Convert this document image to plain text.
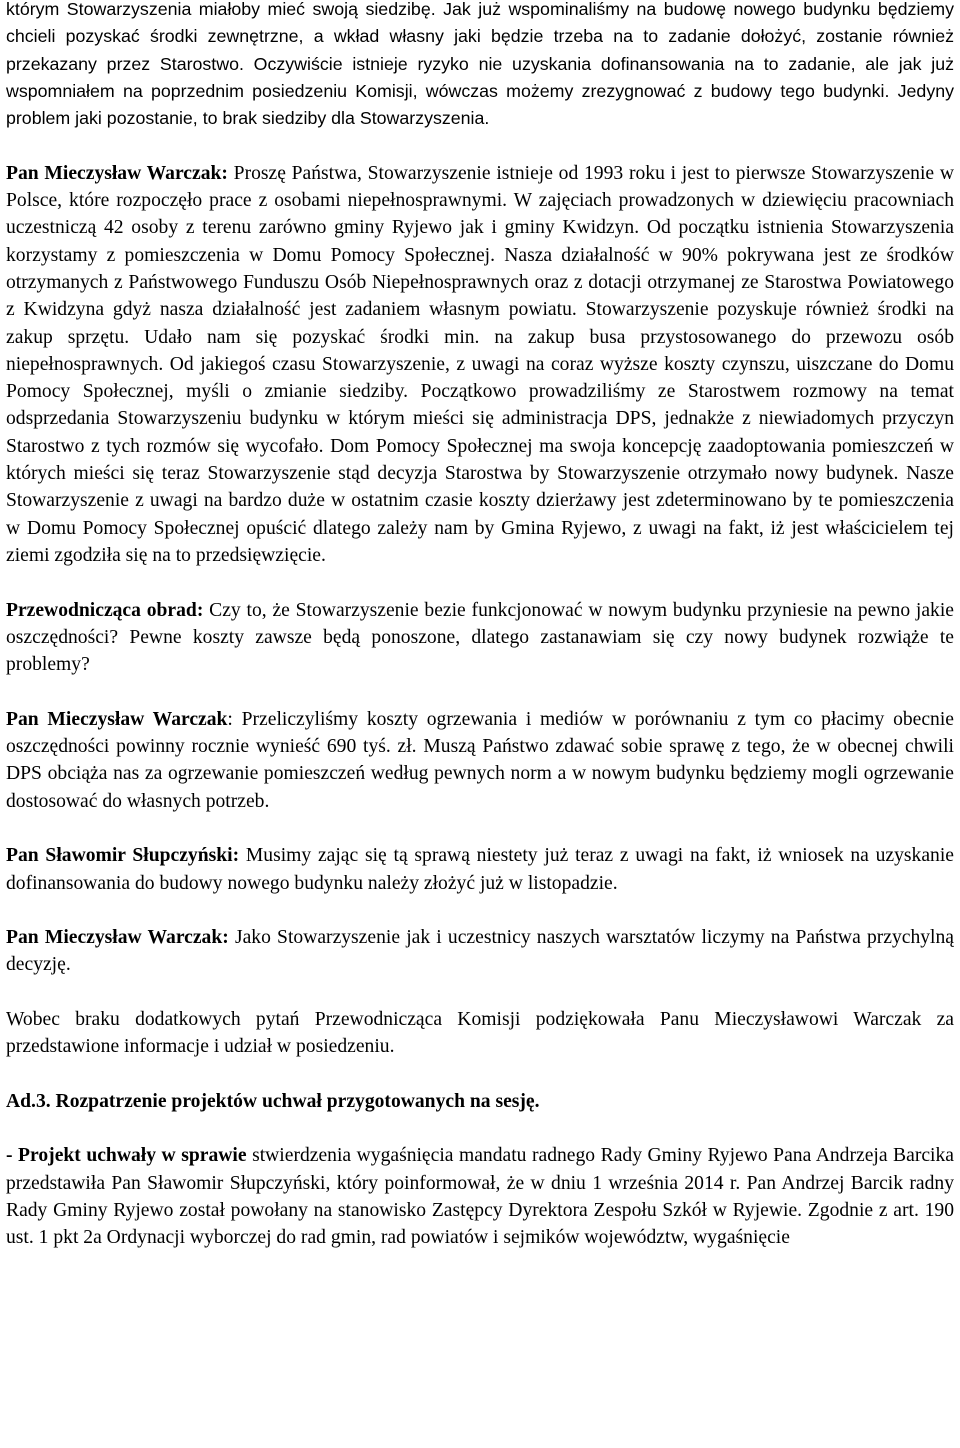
którym Stowarzyszenia miałoby mieć swoją siedzibę. Jak już wspominaliśmy na budowę nowego budynku będziemy chcieli pozyskać środki zewnętrzne, a wkład własny jaki będzie trzeba na to zadanie dołożyć, zostanie również przekazany przez Starostwo. Oczywiście istnieje ryzyko nie uzyskania dofinansowania na to zadanie, ale jak już wspomniałem na poprzednim posiedzeniu Komisji, wówczas możemy zrezygnować z budowy tego budynki. Jedyny problem jaki pozostanie, to brak siedziby dla Stowarzyszenia.

Pan Mieczysław Warczak: Proszę Państwa, Stowarzyszenie istnieje od 1993 roku i jest to pierwsze Stowarzyszenie w Polsce, które rozpoczęło prace z osobami niepełnosprawnymi. W zajęciach prowadzonych w dziewięciu pracowniach uczestniczą 42 osoby z terenu zarówno gminy Ryjewo jak i gminy Kwidzyn. Od początku istnienia Stowarzyszenia korzystamy z pomieszczenia w Domu Pomocy Społecznej. Nasza działalność w 90% pokrywana jest ze środków otrzymanych z Państwowego Funduszu Osób Niepełnosprawnych oraz z dotacji otrzymanej ze Starostwa Powiatowego z Kwidzyna gdyż nasza działalność jest zadaniem własnym powiatu. Stowarzyszenie pozyskuje również środki na zakup sprzętu. Udało nam się pozyskać środki min. na zakup busa przystosowanego do przewozu osób niepełnosprawnych. Od jakiegoś czasu Stowarzyszenie, z uwagi na coraz wyższe koszty czynszu, uiszczane do Domu Pomocy Społecznej, myśli o zmianie siedziby. Początkowo prowadziliśmy ze Starostwem rozmowy na temat odsprzedania Stowarzyszeniu budynku w którym mieści się administracja DPS, jednakże z niewiadomych przyczyn Starostwo z tych rozmów się wycofało. Dom Pomocy Społecznej ma swoja koncepcję zaadoptowania pomieszczeń w których mieści się teraz Stowarzyszenie stąd decyzja Starostwa by Stowarzyszenie otrzymało nowy budynek. Nasze Stowarzyszenie z uwagi na bardzo duże w ostatnim czasie koszty dzierżawy jest zdeterminowano by te pomieszczenia w Domu Pomocy Społecznej opuścić dlatego zależy nam by Gmina Ryjewo, z uwagi na fakt, iż jest właścicielem tej ziemi zgodziła się na to przedsięwzięcie.

Przewodnicząca obrad: Czy to, że Stowarzyszenie bezie funkcjonować w nowym budynku przyniesie na pewno jakie oszczędności? Pewne koszty zawsze będą ponoszone, dlatego zastanawiam się czy nowy budynek rozwiąże te problemy?

Pan Mieczysław Warczak: Przeliczyliśmy koszty ogrzewania i mediów w porównaniu z tym co płacimy obecnie oszczędności powinny rocznie wynieść 690 tyś. zł. Muszą Państwo zdawać sobie sprawę z tego, że w obecnej chwili DPS obciąża nas za ogrzewanie pomieszczeń według pewnych norm a w nowym budynku będziemy mogli ogrzewanie dostosować do własnych potrzeb.

Pan Sławomir Słupczyński: Musimy zając się tą sprawą niestety już teraz z uwagi na fakt, iż wniosek na uzyskanie dofinansowania do budowy nowego budynku należy złożyć już w listopadzie.

Pan Mieczysław Warczak: Jako Stowarzyszenie jak i uczestnicy naszych warsztatów liczymy na Państwa przychylną decyzję.

Wobec braku dodatkowych pytań Przewodnicząca Komisji podziękowała Panu Mieczysławowi Warczak za przedstawione informacje i udział w posiedzeniu.

Ad.3. Rozpatrzenie projektów uchwał przygotowanych na sesję.

- Projekt uchwały w sprawie stwierdzenia wygaśnięcia mandatu radnego Rady Gminy Ryjewo Pana Andrzeja Barcika przedstawiła Pan Sławomir Słupczyński, który poinformował, że w dniu 1 września 2014 r. Pan Andrzej Barcik radny Rady Gminy Ryjewo został powołany na stanowisko Zastępcy Dyrektora Zespołu Szkół w Ryjewie. Zgodnie z art. 190 ust. 1 pkt 2a Ordynacji wyborczej do rad gmin, rad powiatów i sejmików województw, wygaśnięcie
